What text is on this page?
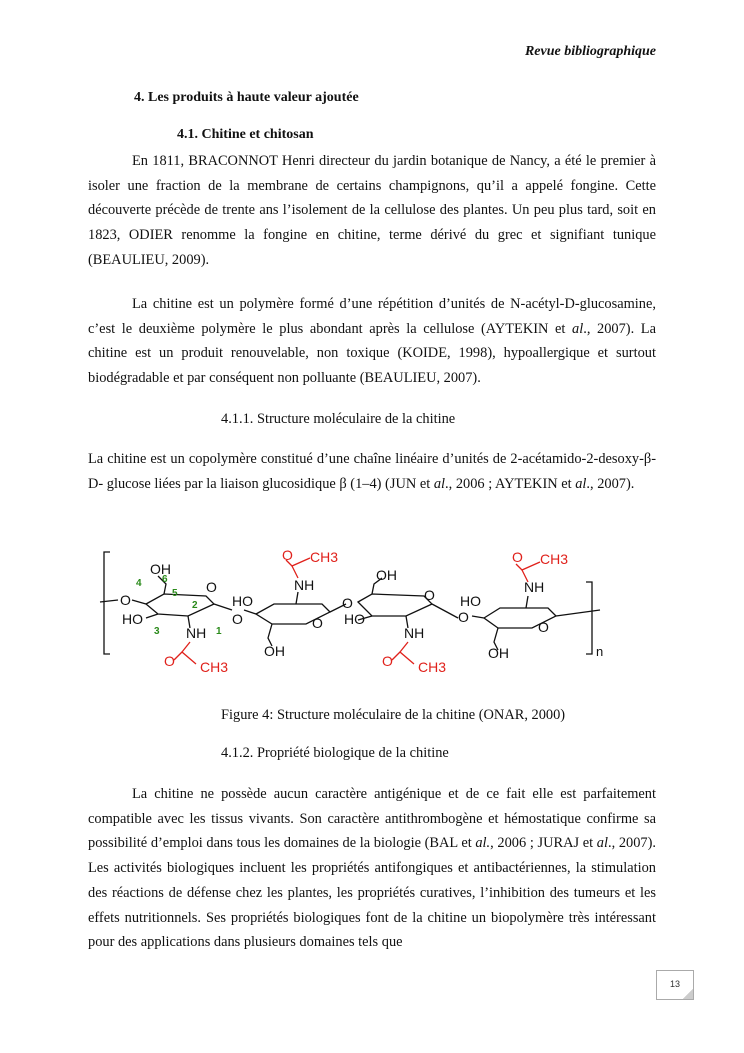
Revue bibliographique
4. Les produits à haute valeur ajoutée
4.1. Chitine et chitosan
En 1811, BRACONNOT Henri directeur du jardin botanique de Nancy, a été le premier à isoler une fraction de la membrane de certains champignons, qu’il a appelé fongine. Cette découverte précède de trente ans l’isolement de la cellulose des plantes. Un peu plus tard, soit en 1823, ODIER renomme la fongine en chitine, terme dérivé du grec et signifiant tunique (BEAULIEU, 2009).
La chitine est un polymère formé d’une répétition d’unités de N-acétyl-D-glucosamine, c’est le deuxième polymère le plus abondant après la cellulose (AYTEKIN et al., 2007). La chitine est un produit renouvelable, non toxique (KOIDE, 1998), hypoallergique et surtout biodégradable et par conséquent non polluante (BEAULIEU, 2007).
4.1.1. Structure moléculaire de la chitine
La chitine est un copolymère constitué d’une chaîne linéaire d’unités de 2-acétamido-2-desoxy-β-D- glucose liées par la liaison glucosidique β (1–4) (JUN et al., 2006 ; AYTEKIN et al., 2007).
OH
O
HO
O
HO
O	O
OH
O
OH
HO
O
O
HO
O
OH	n
NH
CH3
O
NH
CH3
O
NH
CH3
O
NH
CH3
O
4 6
5
2
3	1
Figure 4: Structure moléculaire de la chitine (ONAR, 2000)
4.1.2. Propriété biologique de la chitine
La chitine ne possède aucun caractère antigénique et de ce fait elle est parfaitement compatible avec les tissus vivants. Son caractère antithrombogène et hémostatique confirme sa possibilité d’emploi dans tous les domaines de la biologie (BAL et al., 2006 ; JURAJ et al., 2007). Les activités biologiques incluent les propriétés antifongiques et antibactériennes, la stimulation des réactions de défense chez les plantes, les propriétés curatives, l’inhibition des tumeurs et les effets nutritionnels. Ses propriétés biologiques font de la chitine un biopolymère très intéressant pour des applications dans plusieurs domaines tels que
13
